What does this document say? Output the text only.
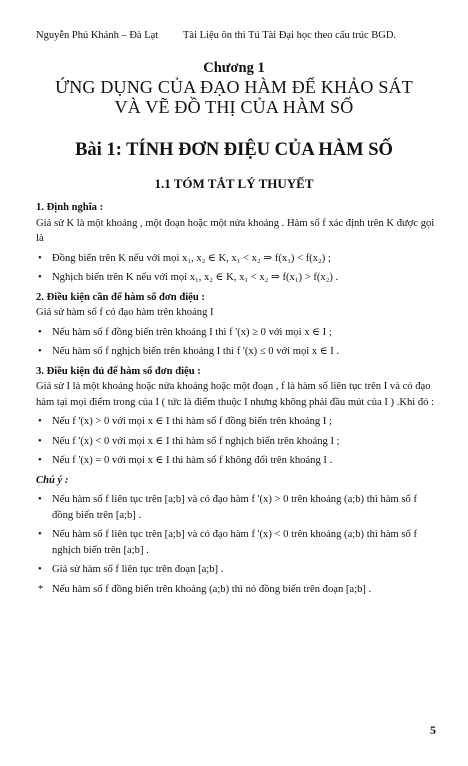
Nguyễn Phú Khánh – Đà Lạt Tài Liệu ôn thi Tú Tài Đại học theo cấu trúc BGD.
Chương 1
ỨNG DỤNG CỦA ĐẠO HÀM ĐỂ KHẢO SÁT
VÀ VẼ ĐỒ THỊ CỦA HÀM SỐ
Bài 1: TÍNH ĐƠN ĐIỆU CỦA HÀM SỐ
1.1 TÓM TẮT LÝ THUYẾT
1. Định nghĩa :

Giả sử K là một khoảng , một đoạn hoặc một nửa khoảng . Hàm số f xác định trên K được gọi là

• Đồng biến trên K nếu với mọi x₁, x₂ ∈ K, x₁ < x₂ ⇒ f(x₁) < f(x₂) ;
• Nghịch biến trên K nếu với mọi x₁, x₂ ∈ K, x₁ < x₂ ⇒ f(x₁) > f(x₂) .
2. Điều kiện cần để hàm số đơn điệu :

Giả sử hàm số f có đạo hàm trên khoảng I

• Nếu hàm số f đồng biến trên khoảng I thì f '(x) ≥ 0 với mọi x ∈ I ;
• Nếu hàm số f nghịch biến trên khoảng I thì f '(x) ≤ 0 với mọi x ∈ I .
3. Điều kiện đủ để hàm số đơn điệu :

Giả sử I là một khoảng hoặc nửa khoảng hoặc một đoạn , f là hàm số liên tục trên I và có đạo hàm tại mọi điểm trong của I ( tức là điểm thuộc I nhưng không phải đầu mút của I ) .Khi đó :

• Nếu f '(x) > 0 với mọi x ∈ I thì hàm số f đồng biến trên khoảng I ;
• Nếu f '(x) < 0 với mọi x ∈ I thì hàm số f nghịch biến trên khoảng I ;
• Nếu f '(x) = 0 với mọi x ∈ I thì hàm số f không đổi trên khoảng I .
Chú ý :
• Nếu hàm số f liên tục trên [a;b] và có đạo hàm f '(x) > 0 trên khoảng (a;b) thì hàm số f đồng biến trên [a;b] .
• Nếu hàm số f liên tục trên [a;b] và có đạo hàm f '(x) < 0 trên khoảng (a;b) thì hàm số f nghịch biến trên [a;b] .
• Giả sử hàm số f liên tục trên đoạn [a;b] .
* Nếu hàm số f đồng biến trên khoảng (a;b) thì nó đồng biến trên đoạn [a;b] .
5
